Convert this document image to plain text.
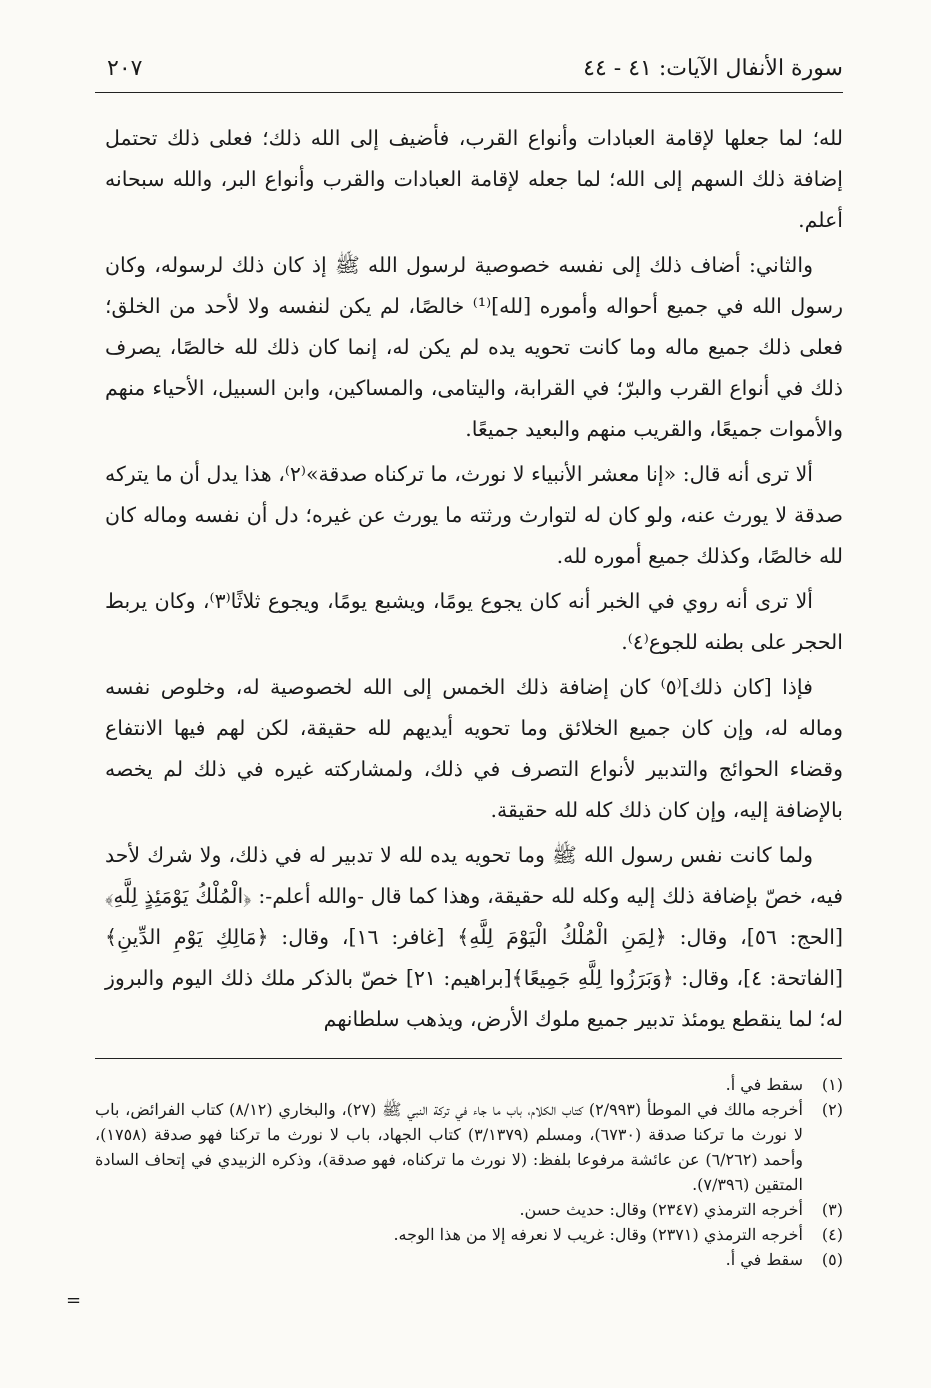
سورة الأنفال الآيات: ٤١ - ٤٤
٢٠٧

لله؛ لما جعلها لإقامة العبادات وأنواع القرب، فأضيف إلى الله ذلك؛ فعلى ذلك تحتمل إضافة ذلك السهم إلى الله؛ لما جعله لإقامة العبادات والقرب وأنواع البر، والله سبحانه أعلم.

والثاني: أضاف ذلك إلى نفسه خصوصية لرسول الله ﷺ إذ كان ذلك لرسوله، وكان رسول الله في جميع أحواله وأموره [لله]⁽¹⁾ خالصًا، لم يكن لنفسه ولا لأحد من الخلق؛ فعلى ذلك جميع ماله وما كانت تحويه يده لم يكن له، إنما كان ذلك لله خالصًا، يصرف ذلك في أنواع القرب والبرّ؛ في القرابة، واليتامى، والمساكين، وابن السبيل، الأحياء منهم والأموات جميعًا، والقريب منهم والبعيد جميعًا.

ألا ترى أنه قال: «إنا معشر الأنبياء لا نورث، ما تركناه صدقة»⁽٢⁾، هذا يدل أن ما يتركه صدقة لا يورث عنه، ولو كان له لتوارث ورثته ما يورث عن غيره؛ دل أن نفسه وماله كان لله خالصًا، وكذلك جميع أموره لله.

ألا ترى أنه روي في الخبر أنه كان يجوع يومًا، ويشبع يومًا، ويجوع ثلاثًا⁽٣⁾، وكان يربط الحجر على بطنه للجوع⁽٤⁾.

فإذا [كان ذلك]⁽٥⁾ كان إضافة ذلك الخمس إلى الله لخصوصية له، وخلوص نفسه وماله له، وإن كان جميع الخلائق وما تحويه أيديهم لله حقيقة، لكن لهم فيها الانتفاع وقضاء الحوائج والتدبير لأنواع التصرف في ذلك، ولمشاركته غيره في ذلك لم يخصه بالإضافة إليه، وإن كان ذلك كله لله حقيقة.

ولما كانت نفس رسول الله ﷺ وما تحويه يده لله لا تدبير له في ذلك، ولا شرك لأحد فيه، خصّ بإضافة ذلك إليه وكله لله حقيقة، وهذا كما قال -والله أعلم-: ﴿الْمُلْكُ يَوْمَئِذٍ لِلَّهِ﴾ [الحج: ٥٦]، وقال: ﴿لِمَنِ الْمُلْكُ الْيَوْمَ لِلَّهِ﴾ [غافر: ١٦]، وقال: ﴿مَالِكِ يَوْمِ الدِّينِ﴾ [الفاتحة: ٤]، وقال: ﴿وَبَرَزُوا لِلَّهِ جَمِيعًا﴾[براهيم: ٢١] خصّ بالذكر ملك ذلك اليوم والبروز له؛ لما ينقطع يومئذ تدبير جميع ملوك الأرض، ويذهب سلطانهم

(١)
سقط في أ.
(٢)
أخرجه مالك في الموطأ (٢/٩٩٣) كتاب الكلام، باب ما جاء في تركة النبي ﷺ (٢٧)، والبخاري (٨/١٢) كتاب الفرائض، باب لا نورث ما تركنا صدقة (٦٧٣٠)، ومسلم (٣/١٣٧٩) كتاب الجهاد، باب لا نورث ما تركنا فهو صدقة (١٧٥٨)، وأحمد (٦/٢٦٢) عن عائشة مرفوعا بلفظ: (لا نورث ما تركناه، فهو صدقة)، وذكره الزبيدي في إتحاف السادة المتقين (٧/٣٩٦).
(٣)
أخرجه الترمذي (٢٣٤٧) وقال: حديث حسن.
(٤)
أخرجه الترمذي (٢٣٧١) وقال: غريب لا نعرفه إلا من هذا الوجه.
(٥)
سقط في أ.
=
